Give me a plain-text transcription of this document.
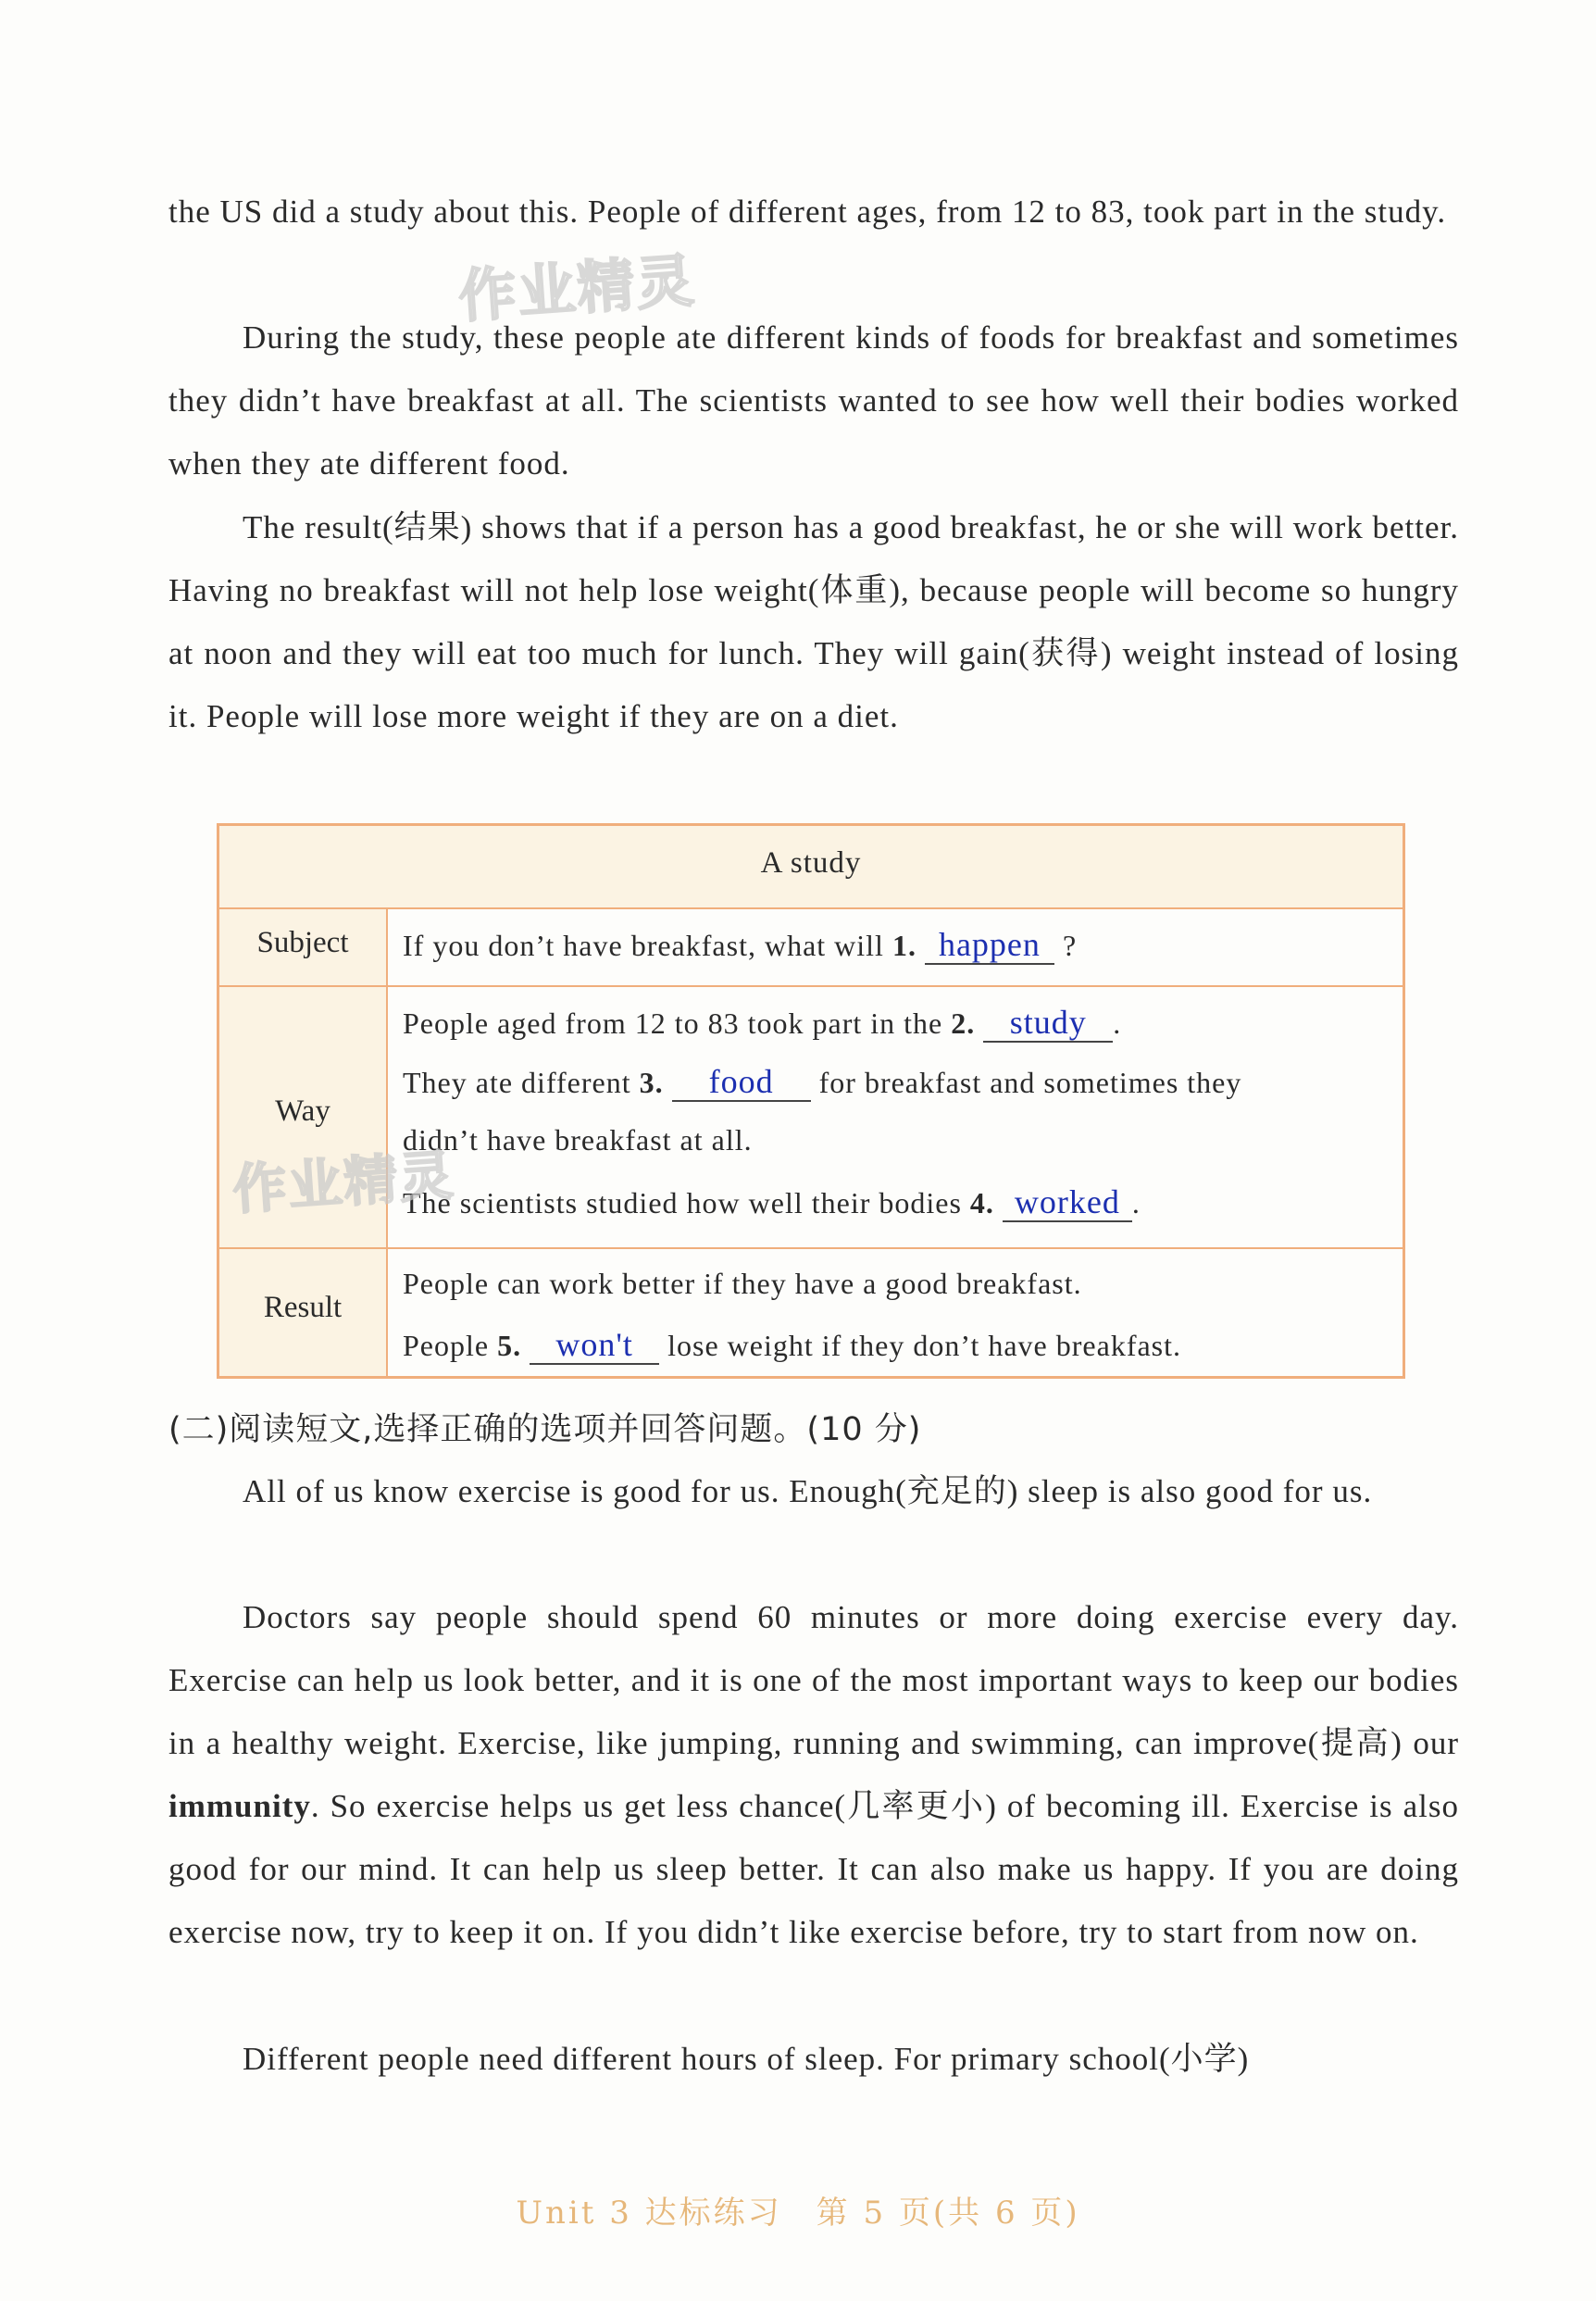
the US did a study about this. People of different ages, from 12 to 83, took part in the study.
During the study, these people ate different kinds of foods for breakfast and sometimes they didn’t have breakfast at all. The scientists wanted to see how well their bodies worked when they ate different food.
The result(结果) shows that if a person has a good breakfast, he or she will work better. Having no breakfast will not help lose weight(体重), because people will become so hungry at noon and they will eat too much for lunch. They will gain(获得) weight instead of losing it. People will lose more weight if they are on a diet.
作业精灵
A study
Subject	If you don’t have breakfast, what will 1. happen ?
Way
People aged from 12 to 83 took part in the 2. study .
They ate different 3. food for breakfast and sometimes they
didn’t have breakfast at all.
The scientists studied how well their bodies 4. worked .
Result
People can work better if they have a good breakfast.
People 5. won't lose weight if they don’t have breakfast.
作业精灵
(二)阅读短文,选择正确的选项并回答问题。(10 分)
All of us know exercise is good for us. Enough(充足的) sleep is also good for us.
Doctors say people should spend 60 minutes or more doing exercise every day. Exercise can help us look better, and it is one of the most important ways to keep our bodies in a healthy weight. Exercise, like jumping, running and swimming, can improve(提高) our immunity. So exercise helps us get less chance(几率更小) of becoming ill. Exercise is also good for our mind. It can help us sleep better. It can also make us happy. If you are doing exercise now, try to keep it on. If you didn’t like exercise before, try to start from now on.
Different people need different hours of sleep. For primary school(小学)
Unit 3 达标练习　第 5 页(共 6 页)
